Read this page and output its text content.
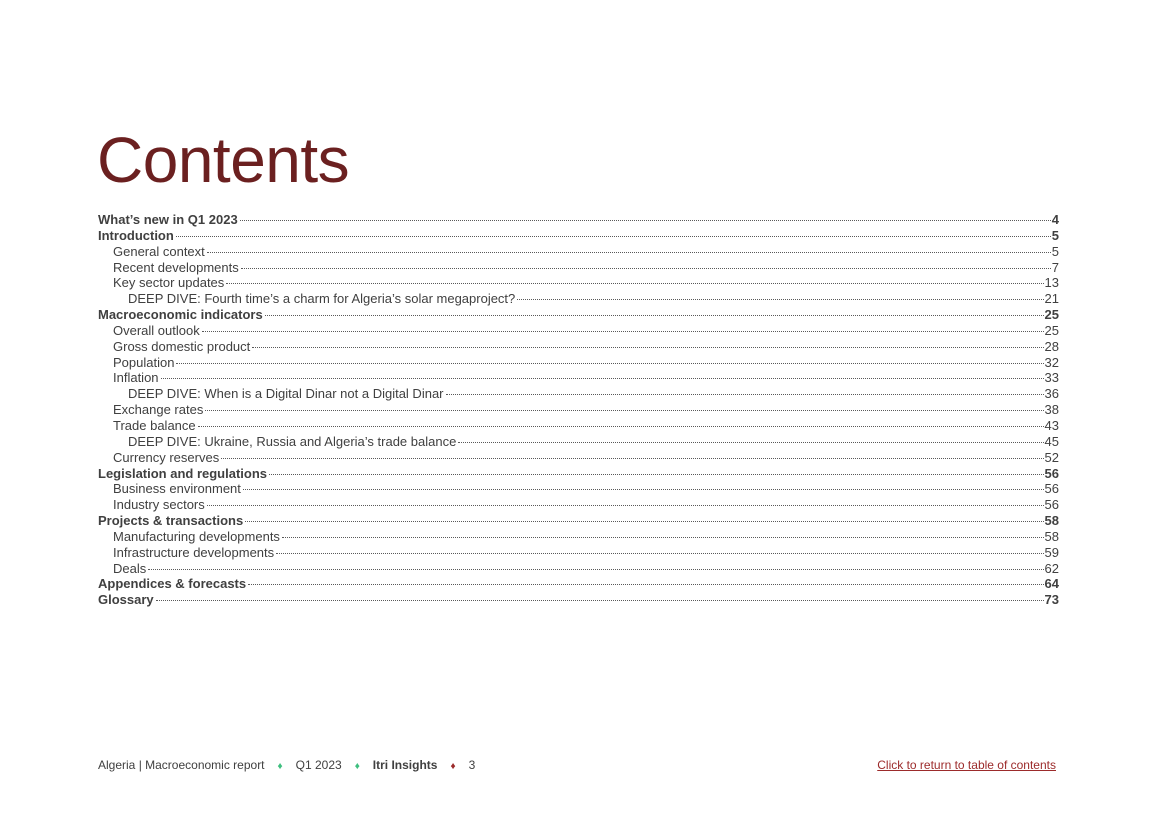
Contents
What’s new in Q1 2023	4
Introduction	5
General context	5
Recent developments	7
Key sector updates	13
DEEP DIVE: Fourth time’s a charm for Algeria’s solar megaproject?	21
Macroeconomic indicators	25
Overall outlook	25
Gross domestic product	28
Population	32
Inflation	33
DEEP DIVE: When is a Digital Dinar not a Digital Dinar	36
Exchange rates	38
Trade balance	43
DEEP DIVE: Ukraine, Russia and Algeria’s trade balance	45
Currency reserves	52
Legislation and regulations	56
Business environment	56
Industry sectors	56
Projects & transactions	58
Manufacturing developments	58
Infrastructure developments	59
Deals	62
Appendices & forecasts	64
Glossary	73
Algeria | Macroeconomic report ♦ Q1 2023 ♦ Itri Insights ♦ 3	Click to return to table of contents
